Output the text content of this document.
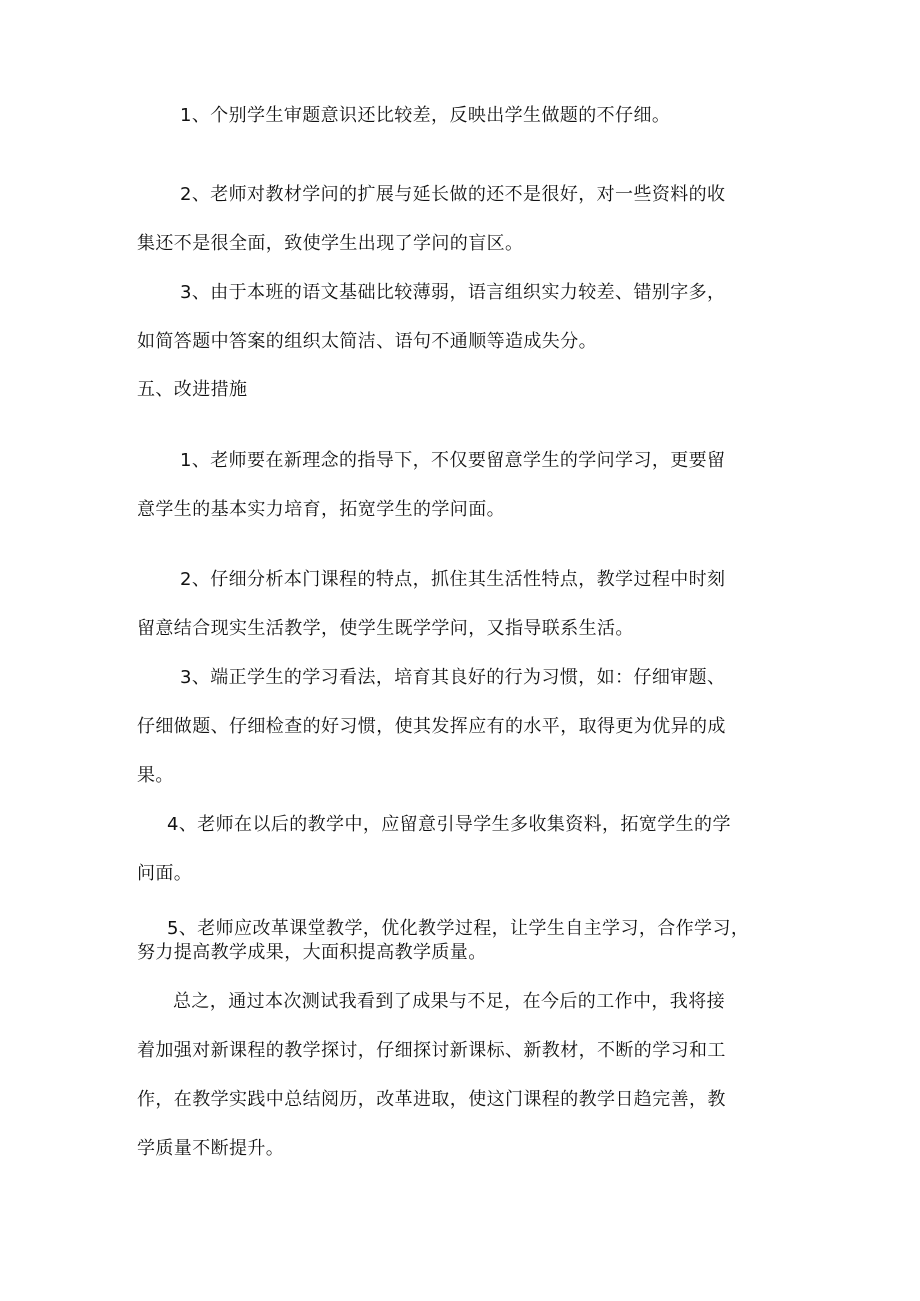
1、个别学生审题意识还比较差，反映出学生做题的不仔细。
2、老师对教材学问的扩展与延长做的还不是很好，对一些资料的收
集还不是很全面，致使学生出现了学问的盲区。
3、由于本班的语文基础比较薄弱，语言组织实力较差、错别字多，
如简答题中答案的组织太简洁、语句不通顺等造成失分。
五、改进措施
1、老师要在新理念的指导下，不仅要留意学生的学问学习，更要留
意学生的基本实力培育，拓宽学生的学问面。
2、仔细分析本门课程的特点，抓住其生活性特点，教学过程中时刻
留意结合现实生活教学，使学生既学学问，又指导联系生活。
3、端正学生的学习看法，培育其良好的行为习惯，如：仔细审题、
仔细做题、仔细检查的好习惯，使其发挥应有的水平，取得更为优异的成
果。
4、老师在以后的教学中，应留意引导学生多收集资料，拓宽学生的学
问面。
5、老师应改革课堂教学，优化教学过程，让学生自主学习，合作学习，
努力提高教学成果，大面积提高教学质量。
总之，通过本次测试我看到了成果与不足，在今后的工作中，我将接
着加强对新课程的教学探讨，仔细探讨新课标、新教材，不断的学习和工
作，在教学实践中总结阅历，改革进取，使这门课程的教学日趋完善，教
学质量不断提升。
